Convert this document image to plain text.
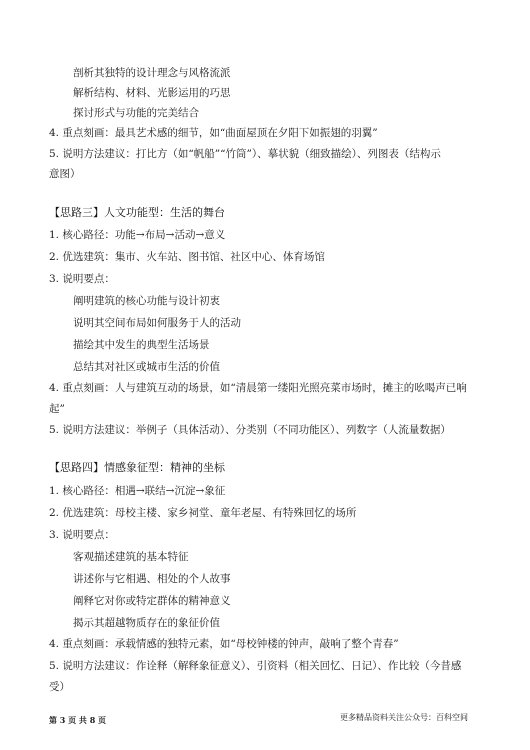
剖析其独特的设计理念与风格流派
解析结构、材料、光影运用的巧思
探讨形式与功能的完美结合
4. 重点刻画：最具艺术感的细节，如“曲面屋顶在夕阳下如振翅的羽翼”
5. 说明方法建议：打比方（如“帆船”“竹筒”）、摹状貌（细致描绘）、列图表（结构示
意图）
【思路三】人文功能型：生活的舞台
1. 核心路径：功能→布局→活动→意义
2. 优选建筑：集市、火车站、图书馆、社区中心、体育场馆
3. 说明要点：
阐明建筑的核心功能与设计初衷
说明其空间布局如何服务于人的活动
描绘其中发生的典型生活场景
总结其对社区或城市生活的价值
4. 重点刻画：人与建筑互动的场景，如“清晨第一缕阳光照亮菜市场时，摊主的吆喝声已响
起”
5. 说明方法建议：举例子（具体活动）、分类别（不同功能区）、列数字（人流量数据）
【思路四】情感象征型：精神的坐标
1. 核心路径：相遇→联结→沉淀→象征
2. 优选建筑：母校主楼、家乡祠堂、童年老屋、有特殊回忆的场所
3. 说明要点：
客观描述建筑的基本特征
讲述你与它相遇、相处的个人故事
阐释它对你或特定群体的精神意义
揭示其超越物质存在的象征价值
4. 重点刻画：承载情感的独特元素，如“母校钟楼的钟声，敲响了整个青春”
5. 说明方法建议：作诠释（解释象征意义）、引资料（相关回忆、日记）、作比较（今昔感
受）
第 3 页 共 8 页	更多精品资料关注公众号：百科空间
